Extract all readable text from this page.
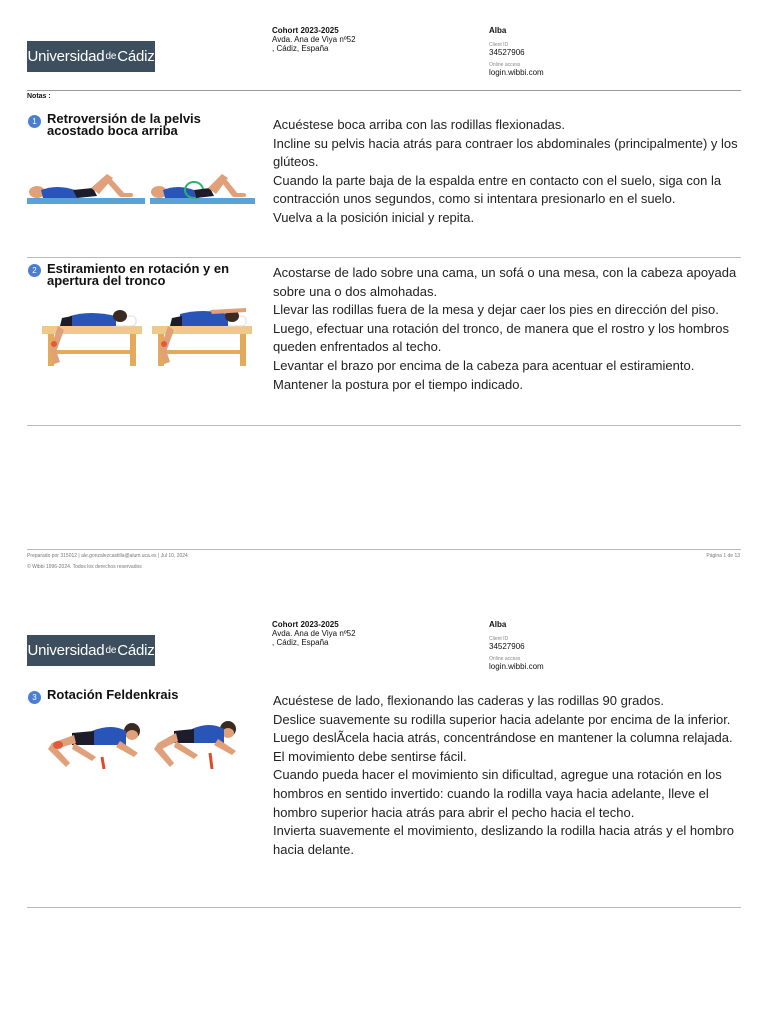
Universidad de Cádiz
Cohort 2023-2025
Avda. Ana de Viya nº52
, Cádiz, España
Alba
Client ID
34527906
Online access
login.wibbi.com
Notas :
1 Retroversión de la pelvis acostado boca arriba	Acuéstese boca arriba con las rodillas flexionadas.
Incline su pelvis hacia atrás para contraer los abdominales (principalmente) y los glúteos.
Cuando la parte baja de la espalda entre en contacto con el suelo, siga con la contracción unos segundos, como si intentara presionarlo en el suelo.
Vuelva a la posición inicial y repita.
2 Estiramiento en rotación y en apertura del tronco
Acostarse de lado sobre una cama, un sofá o una mesa, con la cabeza apoyada sobre una o dos almohadas.
Llevar las rodillas fuera de la mesa y dejar caer los pies en dirección del piso.
Luego, efectuar una rotación del tronco, de manera que el rostro y los hombros queden enfrentados al techo.
Levantar el brazo por encima de la cabeza para acentuar el estiramiento.
Mantener la postura por el tiempo indicado.
Preparado por 315012 | ale.gonzalezcastilla@alum.uca.es | Jul 10, 2024
© Wibbi 1996-2024. Todos los derechos reservados
Página 1 de 13
Universidad de Cádiz
Cohort 2023-2025
Avda. Ana de Viya nº52
, Cádiz, España
Alba
Client ID
34527906
Online access
login.wibbi.com
3 Rotación Feldenkrais	Acuéstese de lado, flexionando las caderas y las rodillas 90 grados.
Deslice suavemente su rodilla superior hacia adelante por encima de la inferior.
Luego deslÃcela hacia atrás, concentrándose en mantener la columna relajada.
El movimiento debe sentirse fácil.
Cuando pueda hacer el movimiento sin dificultad, agregue una rotación en los hombros en sentido invertido: cuando la rodilla vaya hacia adelante, lleve el hombro superior hacia atrás para abrir el pecho hacia el techo.
Invierta suavemente el movimiento, deslizando la rodilla hacia atrás y el hombro hacia delante.
